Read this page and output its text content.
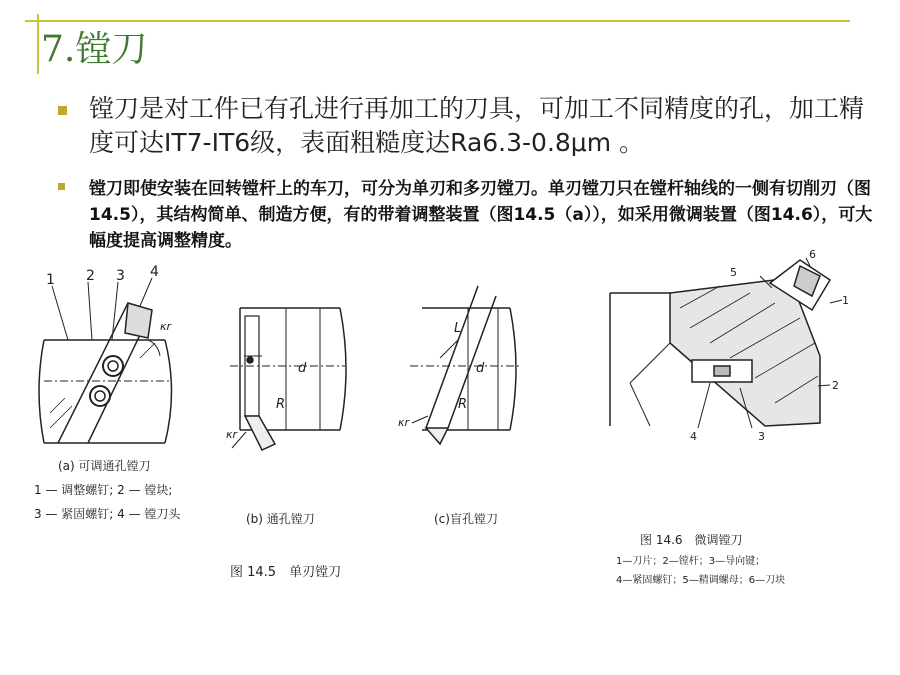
7.镗刀
镗刀是对工件已有孔进行再加工的刀具，可加工不同精度的孔，加工精度可达IT7-IT6级，表面粗糙度达Ra6.3-0.8μm 。
镗刀即使安装在回转镗杆上的车刀，可分为单刃和多刃镗刀。单刃镗刀只在镗杆轴线的一侧有切削刃（图14.5），其结构简单、制造方便，有的带着调整装置（图14.5（a）），如采用微调装置（图14.6），可大幅度提高调整精度。
1 2 3 4
κr
(a) 可调通孔镗刀
1 — 调整螺钉; 2 — 镗块;
3 — 紧固螺钉; 4 — 镗刀头
d
R
κr
(b) 通孔镗刀
d
R
L
κr
(c)盲孔镗刀
图 14.5　单刃镗刀
6
5
1
2
3
4
图 14.6　微调镗刀
1—刀片；2—镗杆；3—导向键；
4—紧固螺钉；5—精调螺母；6—刀块
